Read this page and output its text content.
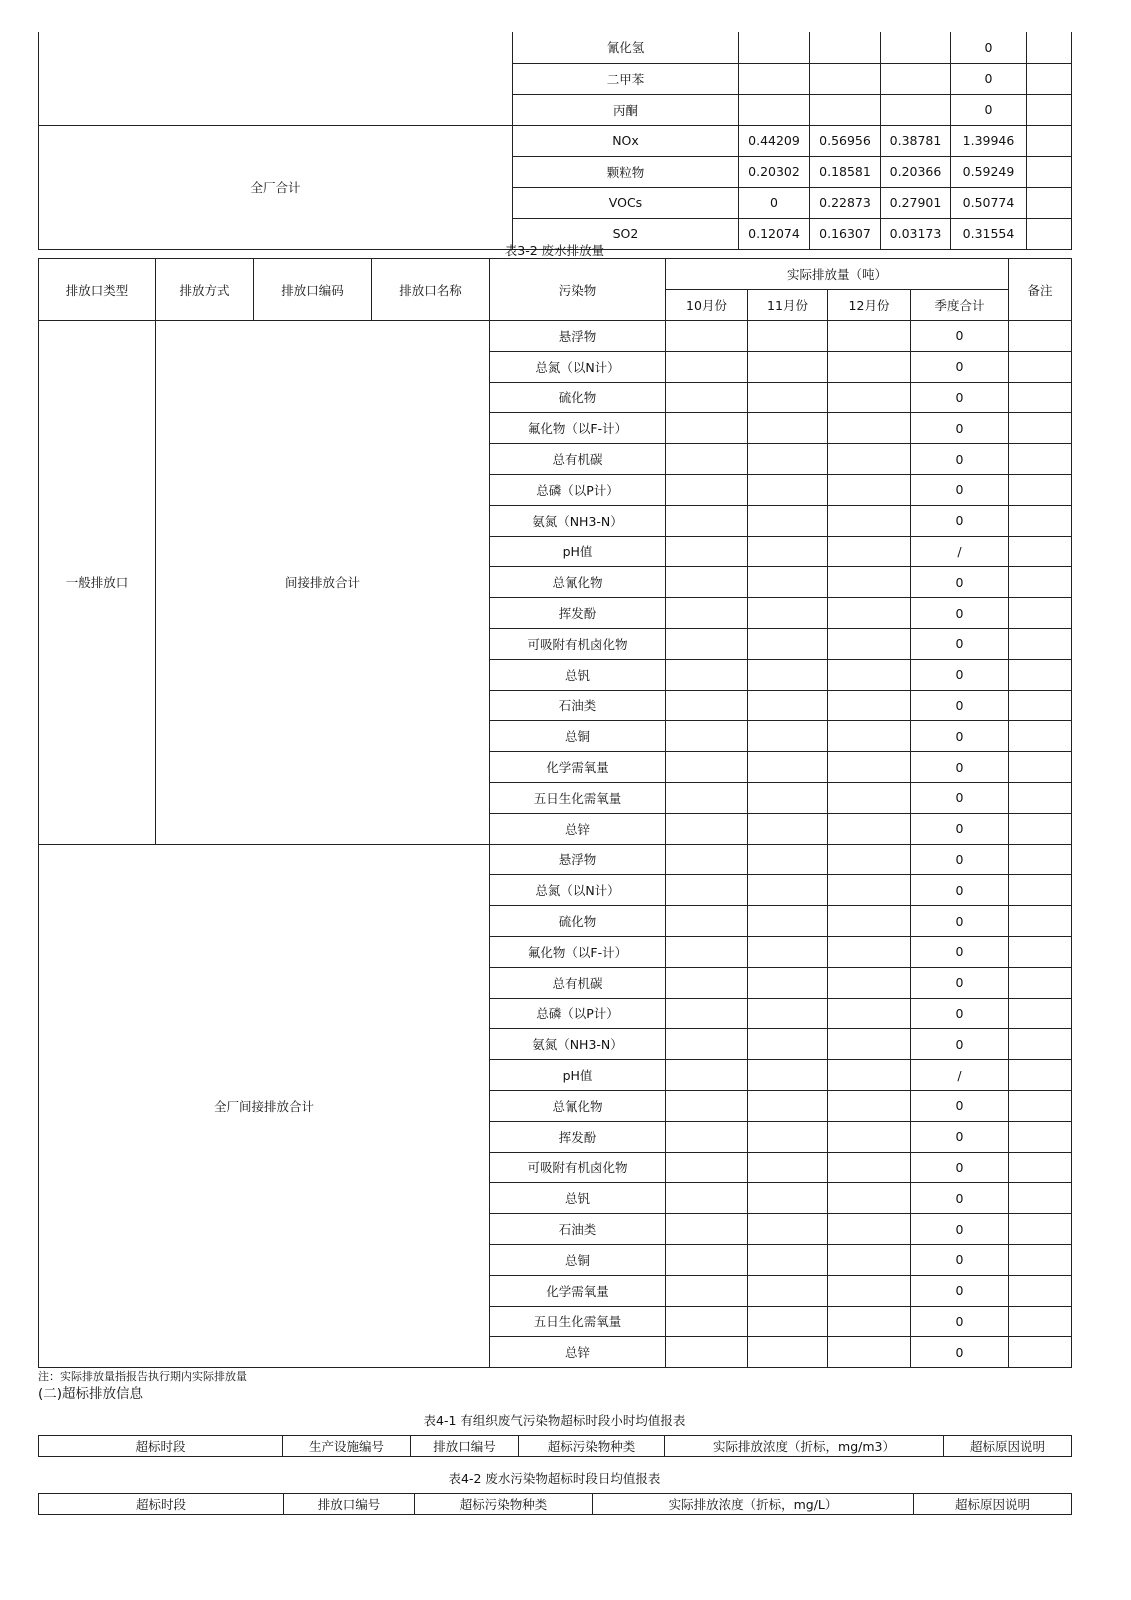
	氰化氢				0	
	二甲苯				0	
	丙酮				0	
全厂合计	NOx	0.44209	0.56956	0.38781	1.39946	
	颗粒物	0.20302	0.18581	0.20366	0.59249	
	VOCs	0	0.22873	0.27901	0.50774	
	SO2	0.12074	0.16307	0.03173	0.31554	
表3-2 废水排放量
排放口类型	排放方式	排放口编码	排放口名称	污染物	实际排放量（吨）				备注
					10月份	11月份	12月份	季度合计	
一般排放口	间接排放合计			悬浮物				0	
				总氮（以N计）				0	
				硫化物				0	
				氟化物（以F-计）				0	
				总有机碳				0	
				总磷（以P计）				0	
				氨氮（NH3-N）				0	
				pH值				/	
				总氰化物				0	
				挥发酚				0	
				可吸附有机卤化物				0	
				总钒				0	
				石油类				0	
				总铜				0	
				化学需氧量				0	
				五日生化需氧量				0	
				总锌				0	
全厂间接排放合计				悬浮物				0	
				总氮（以N计）				0	
				硫化物				0	
				氟化物（以F-计）				0	
				总有机碳				0	
				总磷（以P计）				0	
				氨氮（NH3-N）				0	
				pH值				/	
				总氰化物				0	
				挥发酚				0	
				可吸附有机卤化物				0	
				总钒				0	
				石油类				0	
				总铜				0	
				化学需氧量				0	
				五日生化需氧量				0	
				总锌				0	
注：实际排放量指报告执行期内实际排放量
(二)超标排放信息
表4-1 有组织废气污染物超标时段小时均值报表
超标时段	生产设施编号	排放口编号	超标污染物种类	实际排放浓度（折标，mg/m3）	超标原因说明
表4-2 废水污染物超标时段日均值报表
超标时段	排放口编号	超标污染物种类	实际排放浓度（折标，mg/L）	超标原因说明
